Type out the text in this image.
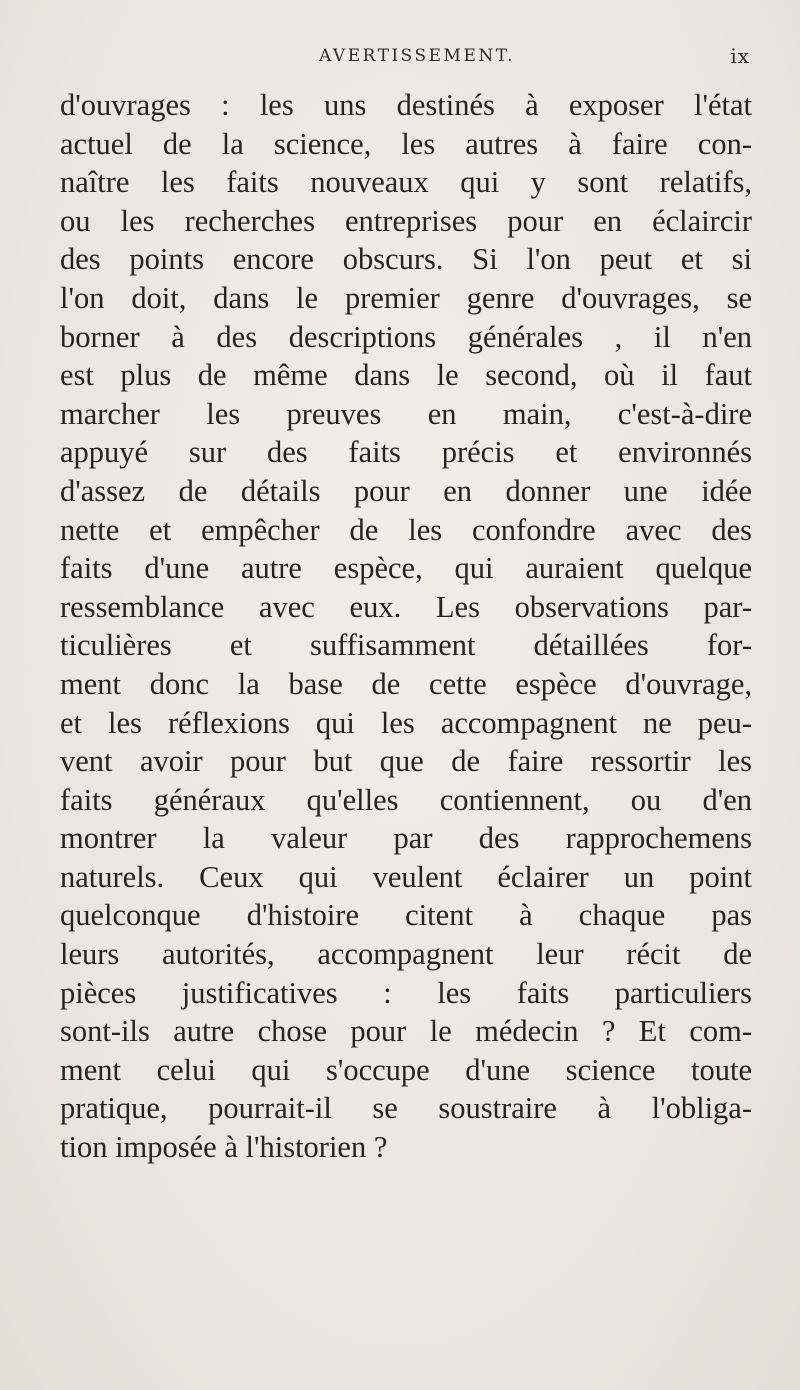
AVERTISSEMENT.	ix
d'ouvrages : les uns destinés à exposer l'état
actuel de la science, les autres à faire con-
naître les faits nouveaux qui y sont relatifs,
ou les recherches entreprises pour en éclaircir
des points encore obscurs. Si l'on peut et si
l'on doit, dans le premier genre d'ouvrages, se
borner à des descriptions générales , il n'en
est plus de même dans le second, où il faut
marcher les preuves en main, c'est-à-dire
appuyé sur des faits précis et environnés
d'assez de détails pour en donner une idée
nette et empêcher de les confondre avec des
faits d'une autre espèce, qui auraient quelque
ressemblance avec eux. Les observations par-
ticulières et suffisamment détaillées for-
ment donc la base de cette espèce d'ouvrage,
et les réflexions qui les accompagnent ne peu-
vent avoir pour but que de faire ressortir les
faits généraux qu'elles contiennent, ou d'en
montrer la valeur par des rapprochemens
naturels. Ceux qui veulent éclairer un point
quelconque d'histoire citent à chaque pas
leurs autorités, accompagnent leur récit de
pièces justificatives : les faits particuliers
sont-ils autre chose pour le médecin ? Et com-
ment celui qui s'occupe d'une science toute
pratique, pourrait-il se soustraire à l'obliga-
tion imposée à l'historien ?
